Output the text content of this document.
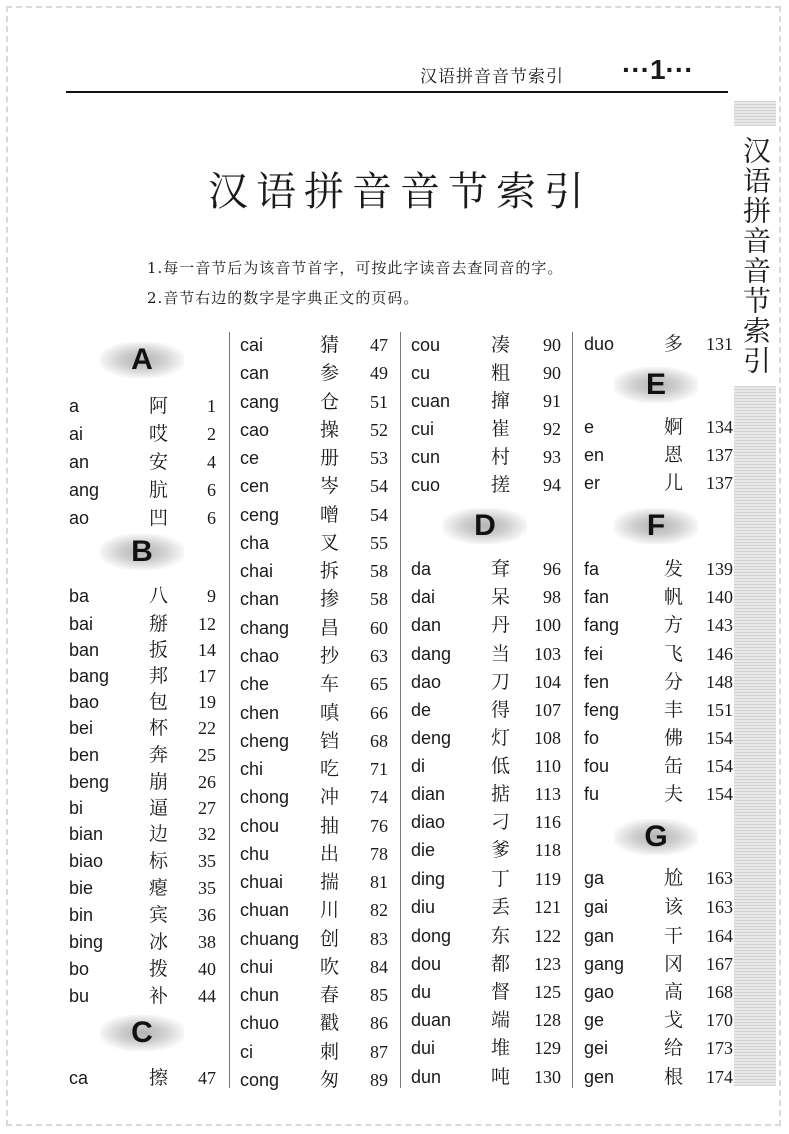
汉语拼音音节索引 ···1···
汉语拼音音节索引
汉语拼音音节索引
1.每一音节后为该音节首字，可按此字读音去查同音的字。
2.音节右边的数字是字典正文的页码。
A
B
C
D
E
F
G
a	阿 1
ai	哎 2
an	安 4
ang	肮 6
ao	凹 6
ba	八 9
bai	掰 12
ban	扳 14
bang 邦 17
bao	包 19
bei	杯 22
ben	奔 25
beng 崩 26
bi	逼 27
bian 边 32
biao 标 35
bie	瘪 35
bin	宾 36
bing 冰 38
bo	拨 40
bu	补 44
ca	擦 47
cai	猜 47
can	参 49
cang 仓 51
cao	操 52
ce	册 53
cen	岑 54
ceng 噌 54
cha	叉 55
chai 拆 58
chan 掺 58
chang 昌 60
chao 抄 63
che	车 65
chen 嗔 66
cheng 铛 68
chi	吃 71
chong 冲 74
chou 抽 76
chu	出 78
chuai 揣 81
chuan 川 82
chuang 创 83
chui 吹 84
chun 春 85
chuo 戳 86
ci	刺 87
cong 匆 89
cou	凑 90
cu	粗 90
cuan 撺 91
cui	崔 92
cun	村 93
cuo	搓 94
da	耷 96
dai	呆 98
dan	丹 100
dang 当 103
dao	刀 104
de	得 107
deng 灯 108
di	低 110
dian 掂 113
diao 刁 116
die	爹 118
ding 丁 119
diu	丢 121
dong 东 122
dou	都 123
du	督 125
duan 端 128
dui	堆 129
dun	吨 130
duo	多 131
e	婀 134
en	恩 137
er	儿 137
fa	发 139
fan	帆 140
fang 方 143
fei	飞 146
fen	分 148
feng 丰 151
fo	佛 154
fou	缶 154
fu	夫 154
ga	尬 163
gai	该 163
gan	干 164
gang 冈 167
gao	高 168
ge	戈 170
gei	给 173
gen	根 174
